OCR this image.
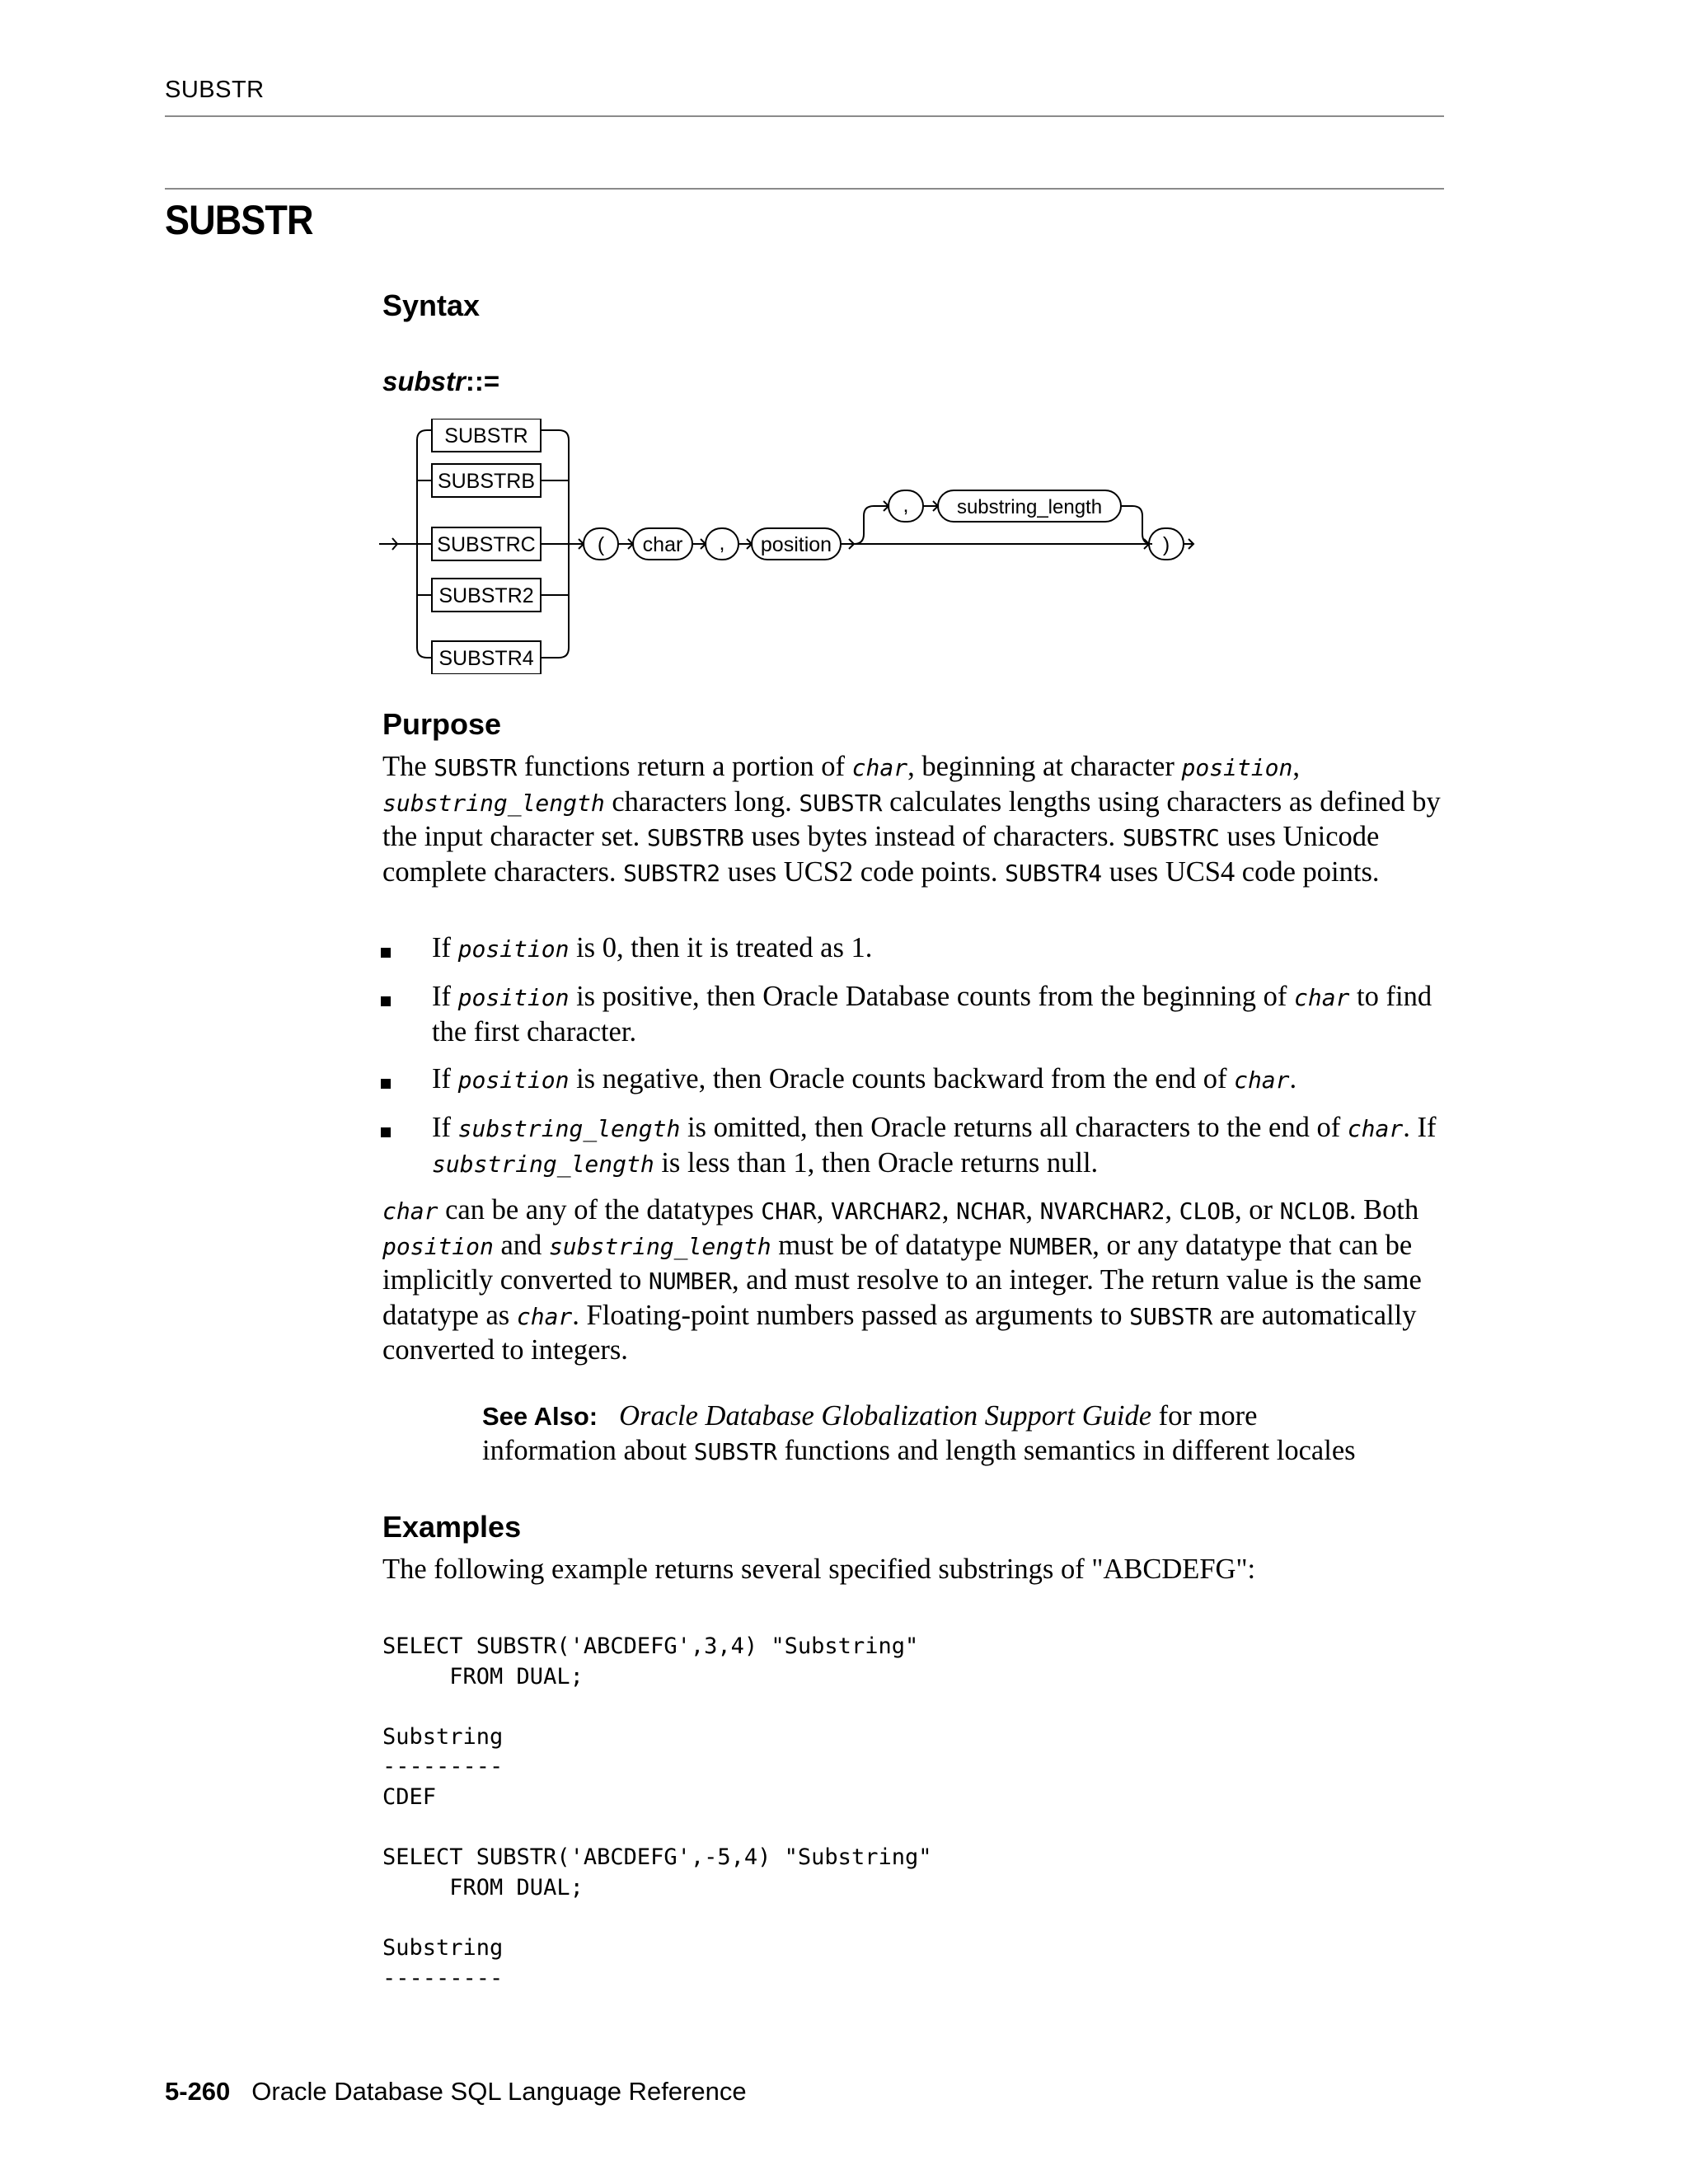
SUBSTR
SUBSTR
Syntax
substr::=
SUBSTR
SUBSTRB
SUBSTRC
SUBSTR2
SUBSTR4
( char , position
, substring_length
)
Purpose
The SUBSTR functions return a portion of char, beginning at character position, substring_length characters long. SUBSTR calculates lengths using characters as defined by the input character set. SUBSTRB uses bytes instead of characters. SUBSTRC uses Unicode complete characters. SUBSTR2 uses UCS2 code points. SUBSTR4 uses UCS4 code points.
If position is 0, then it is treated as 1.
If position is positive, then Oracle Database counts from the beginning of char to find the first character.
If position is negative, then Oracle counts backward from the end of char.
If substring_length is omitted, then Oracle returns all characters to the end of char. If substring_length is less than 1, then Oracle returns null.
char can be any of the datatypes CHAR, VARCHAR2, NCHAR, NVARCHAR2, CLOB, or NCLOB. Both position and substring_length must be of datatype NUMBER, or any datatype that can be implicitly converted to NUMBER, and must resolve to an integer. The return value is the same datatype as char. Floating-point numbers passed as arguments to SUBSTR are automatically converted to integers.
See Also: Oracle Database Globalization Support Guide for more information about SUBSTR functions and length semantics in different locales
Examples
The following example returns several specified substrings of "ABCDEFG":
SELECT SUBSTR('ABCDEFG',3,4) "Substring"
FROM DUAL;

Substring
---------
CDEF

SELECT SUBSTR('ABCDEFG',-5,4) "Substring"
FROM DUAL;

Substring
---------
5-260 Oracle Database SQL Language Reference
